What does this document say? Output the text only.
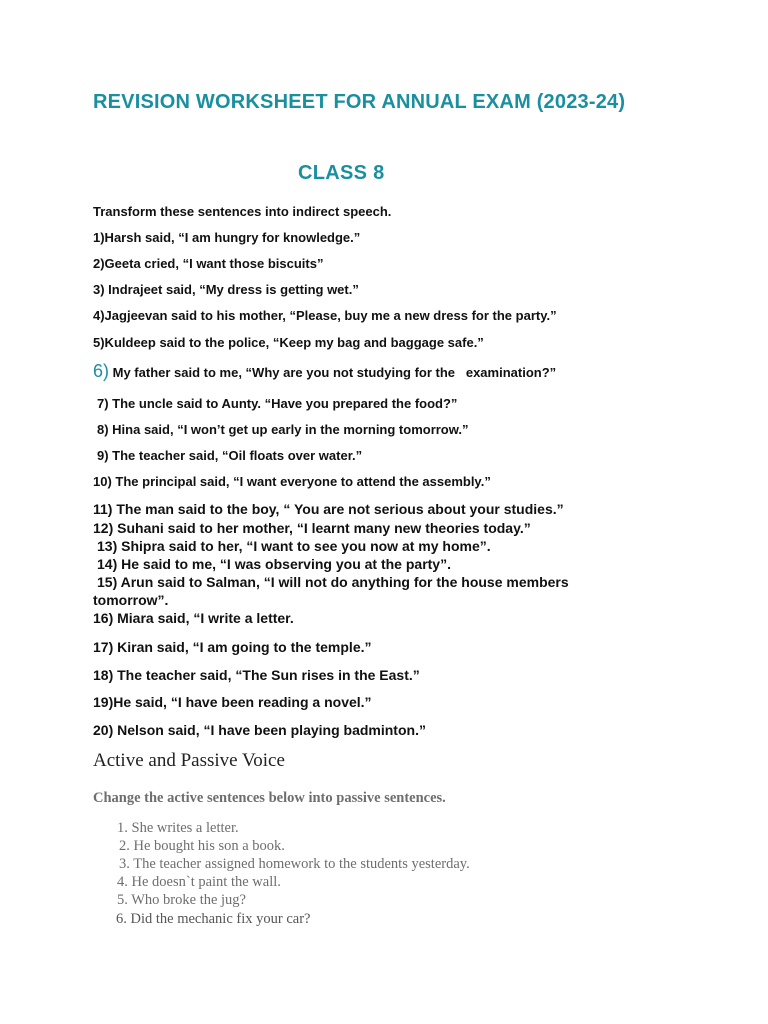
REVISION WORKSHEET FOR ANNUAL EXAM (2023-24)
CLASS 8
Transform these sentences into indirect speech.
1)Harsh said, “I am hungry for knowledge.”
2)Geeta cried, “I want those biscuits”
3) Indrajeet said, “My dress is getting wet.”
4)Jagjeevan said to his mother, “Please, buy me a new dress for the party.”
5)Kuldeep said to the police, “Keep my bag and baggage safe.”
6) My father said to me, “Why are you not studying for the   examination?”
7) The uncle said to Aunty. “Have you prepared the food?”
8) Hina said, “I won’t get up early in the morning tomorrow.”
9) The teacher said, “Oil floats over water.”
10) The principal said, “I want everyone to attend the assembly.”
11) The man said to the boy, “ You are not serious about your studies.”
12) Suhani said to her mother, “I learnt many new theories today.”
13) Shipra said to her, “I want to see you now at my home”.
14) He said to me, “I was observing you at the party”.
15) Arun said to Salman, “I will not do anything for the house members
tomorrow”.
16) Miara said, “I write a letter.
17) Kiran said, “I am going to the temple.”
18) The teacher said, “The Sun rises in the East.”
19)He said, “I have been reading a novel.”
20) Nelson said, “I have been playing badminton.”
Active and Passive Voice
Change the active sentences below into passive sentences.
1. She writes a letter.
2. He bought his son a book.
3. The teacher assigned homework to the students yesterday.
4. He doesn`t paint the wall.
5. Who broke the jug?
6. Did the mechanic fix your car?
